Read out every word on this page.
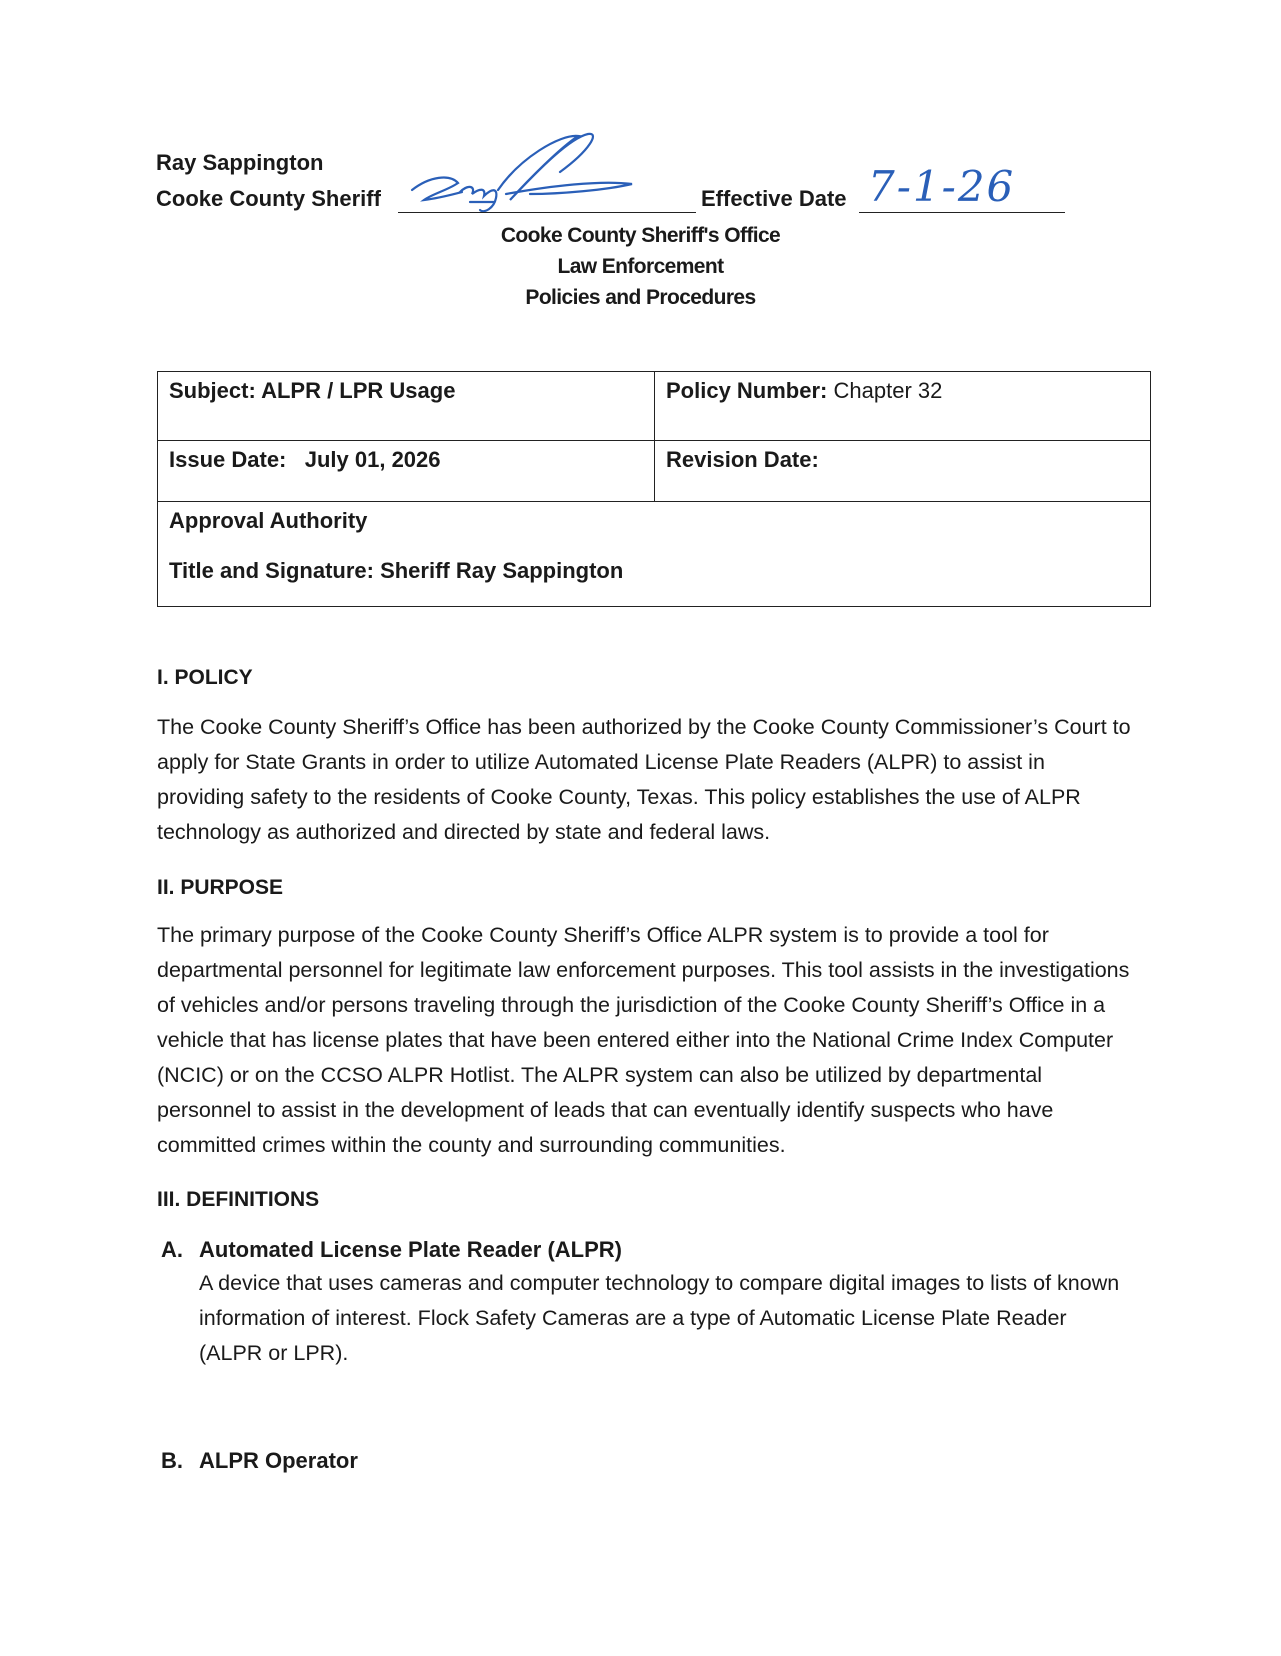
Ray Sappington
Cooke County Sheriff	Effective Date 7-1-26
Cooke County Sheriff's Office
Law Enforcement
Policies and Procedures
Subject: ALPR / LPR Usage	Policy Number: Chapter 32
Issue Date: July 01, 2026	Revision Date:

Approval Authority
Title and Signature: Sheriff Ray Sappington	
I. POLICY

The Cooke County Sheriff’s Office has been authorized by the Cooke County Commissioner’s Court to apply for State Grants in order to utilize Automated License Plate Readers (ALPR) to assist in providing safety to the residents of Cooke County, Texas. This policy establishes the use of ALPR technology as authorized and directed by state and federal laws.

II. PURPOSE

The primary purpose of the Cooke County Sheriff’s Office ALPR system is to provide a tool for departmental personnel for legitimate law enforcement purposes. This tool assists in the investigations of vehicles and/or persons traveling through the jurisdiction of the Cooke County Sheriff’s Office in a vehicle that has license plates that have been entered either into the National Crime Index Computer (NCIC) or on the CCSO ALPR Hotlist. The ALPR system can also be utilized by departmental personnel to assist in the development of leads that can eventually identify suspects who have committed crimes within the county and surrounding communities.

III. DEFINITIONS
A. Automated License Plate Reader (ALPR)

A device that uses cameras and computer technology to compare digital images to lists of known information of interest. Flock Safety Cameras are a type of Automatic License Plate Reader (ALPR or LPR).

B. ALPR Operator
